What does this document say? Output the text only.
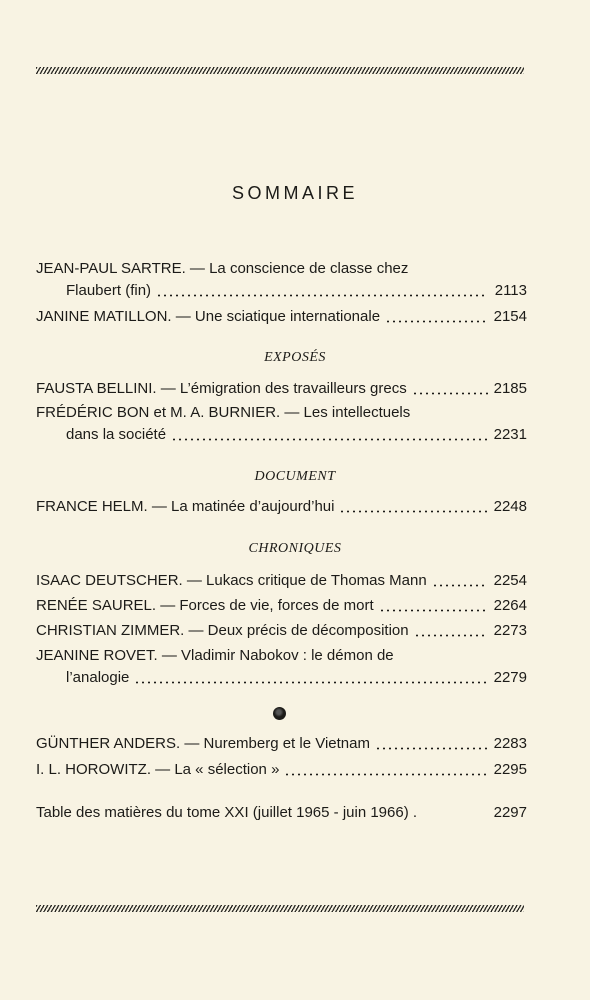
SOMMAIRE
JEAN-PAUL SARTRE. — La conscience de classe chez
Flaubert (fin)	2113
JANINE MATILLON. — Une sciatique internationale	2154
EXPOSÉS
FAUSTA BELLINI. — L’émigration des travailleurs grecs	2185
FRÉDÉRIC BON et M. A. BURNIER. — Les intellectuels
dans la société	2231
DOCUMENT
FRANCE HELM. — La matinée d’aujourd’hui	2248
CHRONIQUES
ISAAC DEUTSCHER. — Lukacs critique de Thomas Mann	2254
RENÉE SAUREL. — Forces de vie, forces de mort	2264
CHRISTIAN ZIMMER. — Deux précis de décomposition	2273
JEANINE ROVET. — Vladimir Nabokov : le démon de
l’analogie	2279
GÜNTHER ANDERS. — Nuremberg et le Vietnam	2283
I. L. HOROWITZ. — La « sélection »	2295
Table des matières du tome XXI (juillet 1965 - juin 1966) .	2297
